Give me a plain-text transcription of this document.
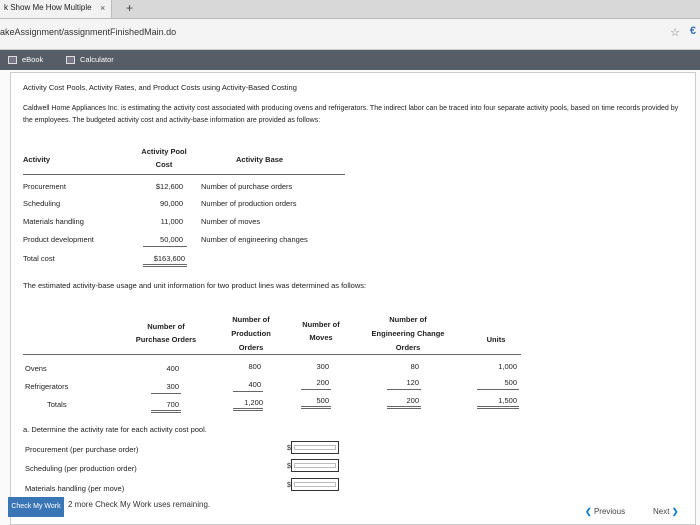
k Show Me How Multiple × +
akeAssignment/assignmentFinishedMain.do	☆ €
eBook	Calculator
Activity Cost Pools, Activity Rates, and Product Costs using Activity-Based Costing
Caldwell Home Appliances Inc. is estimating the activity cost associated with producing ovens and refrigerators. The indirect labor can be traced into four separate activity pools, based on time records provided by the employees. The budgeted activity cost and activity-base information are provided as follows:
Activity
Activity Pool
Cost
Activity Base
Procurement	$12,600 Number of purchase orders
Scheduling	90,000 Number of production orders
Materials handling	11,000 Number of moves
Product development	50,000 Number of engineering changes
Total cost	$163,600
The estimated activity-base usage and unit information for two product lines was determined as follows:
Number of
Purchase Orders
Number of
Production
Orders
Number of
Moves
Number of
Engineering Change
Orders
Units
Ovens	400	800	300	80	1,000
Refrigerators	300	400	200	120	500
Totals	700	1,200	500	200	1,500
a. Determine the activity rate for each activity cost pool.
Procurement (per purchase order)	$
Scheduling (per production order)	$
Materials handling (per move)	$
❮ Previous	Next ❯
Check My Work 2 more Check My Work uses remaining.
